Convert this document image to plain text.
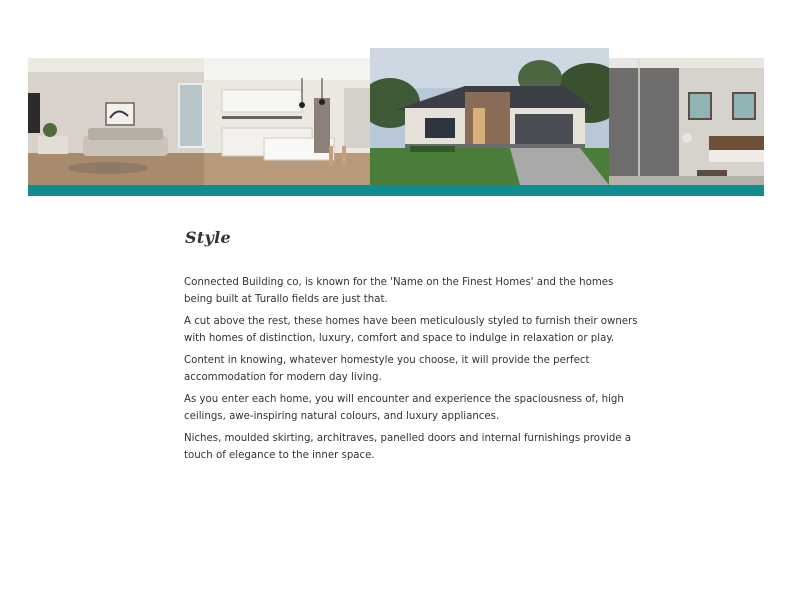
Style

Connected Building co, is known for the 'Name on the Finest Homes' and the homes being built at Turallo fields are just that.

A cut above the rest, these homes have been meticulously styled to furnish their owners with homes of distinction, luxury, comfort and space to indulge in relaxation or play.

Content in knowing, whatever homestyle you choose, it will provide the perfect accommodation for modern day living.

As you enter each home, you will encounter and experience the spaciousness of, high ceilings, awe-inspiring natural colours, and luxury appliances.

Niches, moulded skirting, architraves, panelled doors and internal furnishings provide a touch of elegance to the inner space.
